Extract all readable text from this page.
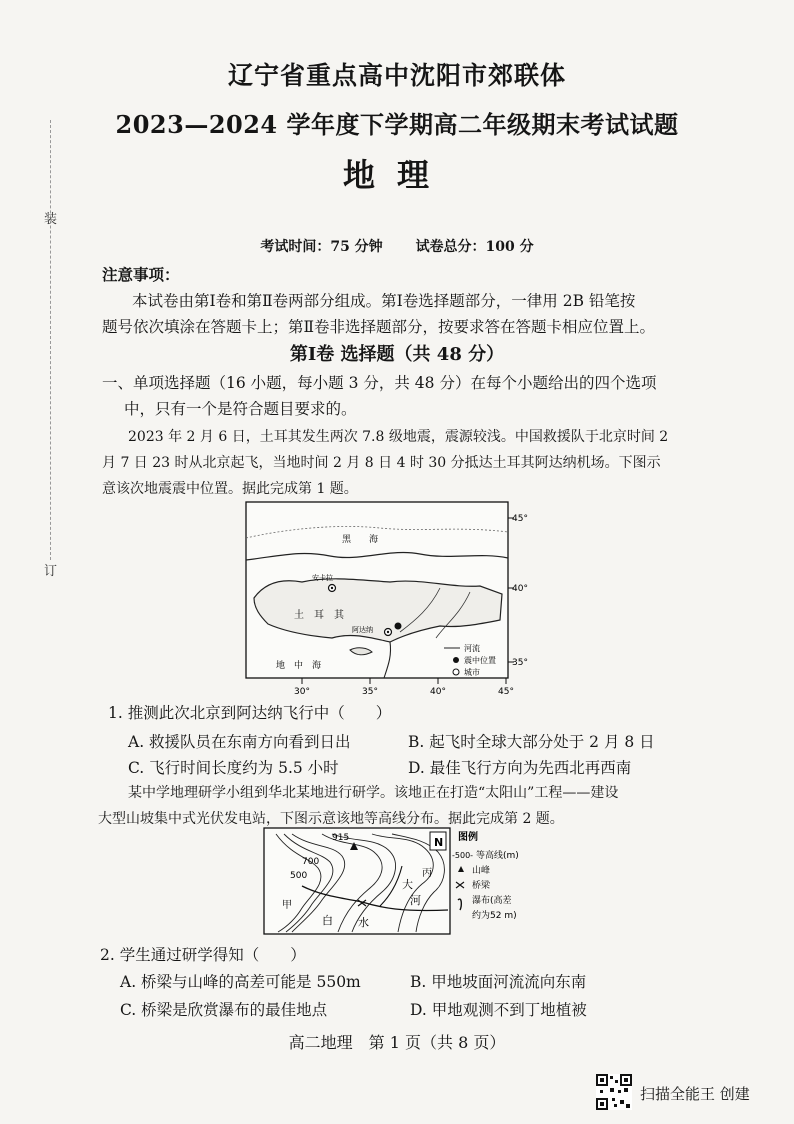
装
订
辽宁省重点高中沈阳市郊联体
2023—2024 学年度下学期高二年级期末考试试题
地理
考试时间：75 分钟 试卷总分：100 分
注意事项：
本试卷由第Ⅰ卷和第Ⅱ卷两部分组成。第Ⅰ卷选择题部分，一律用 2B 铅笔按
题号依次填涂在答题卡上；第Ⅱ卷非选择题部分，按要求答在答题卡相应位置上。
第Ⅰ卷 选择题（共 48 分）
一、单项选择题（16 小题，每小题 3 分，共 48 分）在每个小题给出的四个选项
中，只有一个是符合题目要求的。
2023 年 2 月 6 日，土耳其发生两次 7.8 级地震，震源较浅。中国救援队于北京时间 2
月 7 日 23 时从北京起飞，当地时间 2 月 8 日 4 时 30 分抵达土耳其阿达纳机场。下图示
意该次地震震中位置。据此完成第 1 题。
黑　　海
安卡拉
土　耳　其
阿达纳
地　中　海
45°
40°
35°
30°	35°	40°	45°
河流
震中位置
城市
1. 推测此次北京到阿达纳飞行中（　　）
A. 救援队员在东南方向看到日出	B. 起飞时全球大部分处于 2 月 8 日
C. 飞行时间长度约为 5.5 小时	D. 最佳飞行方向为先西北再西南
某中学地理研学小组到华北某地进行研学。该地正在打造“太阳山”工程——建设
大型山坡集中式光伏发电站，下图示意该地等高线分布。据此完成第 2 题。
N
915
700
500
甲
白 水
大
河
丙
图例
-500- 等高线(m)
山峰
桥梁
瀑布(高差
约为52 m)
2. 学生通过研学得知（　　）
A. 桥梁与山峰的高差可能是 550m	B. 甲地坡面河流流向东南
C. 桥梁是欣赏瀑布的最佳地点	D. 甲地观测不到丁地植被
高二地理　第 1 页（共 8 页）
扫描全能王 创建
